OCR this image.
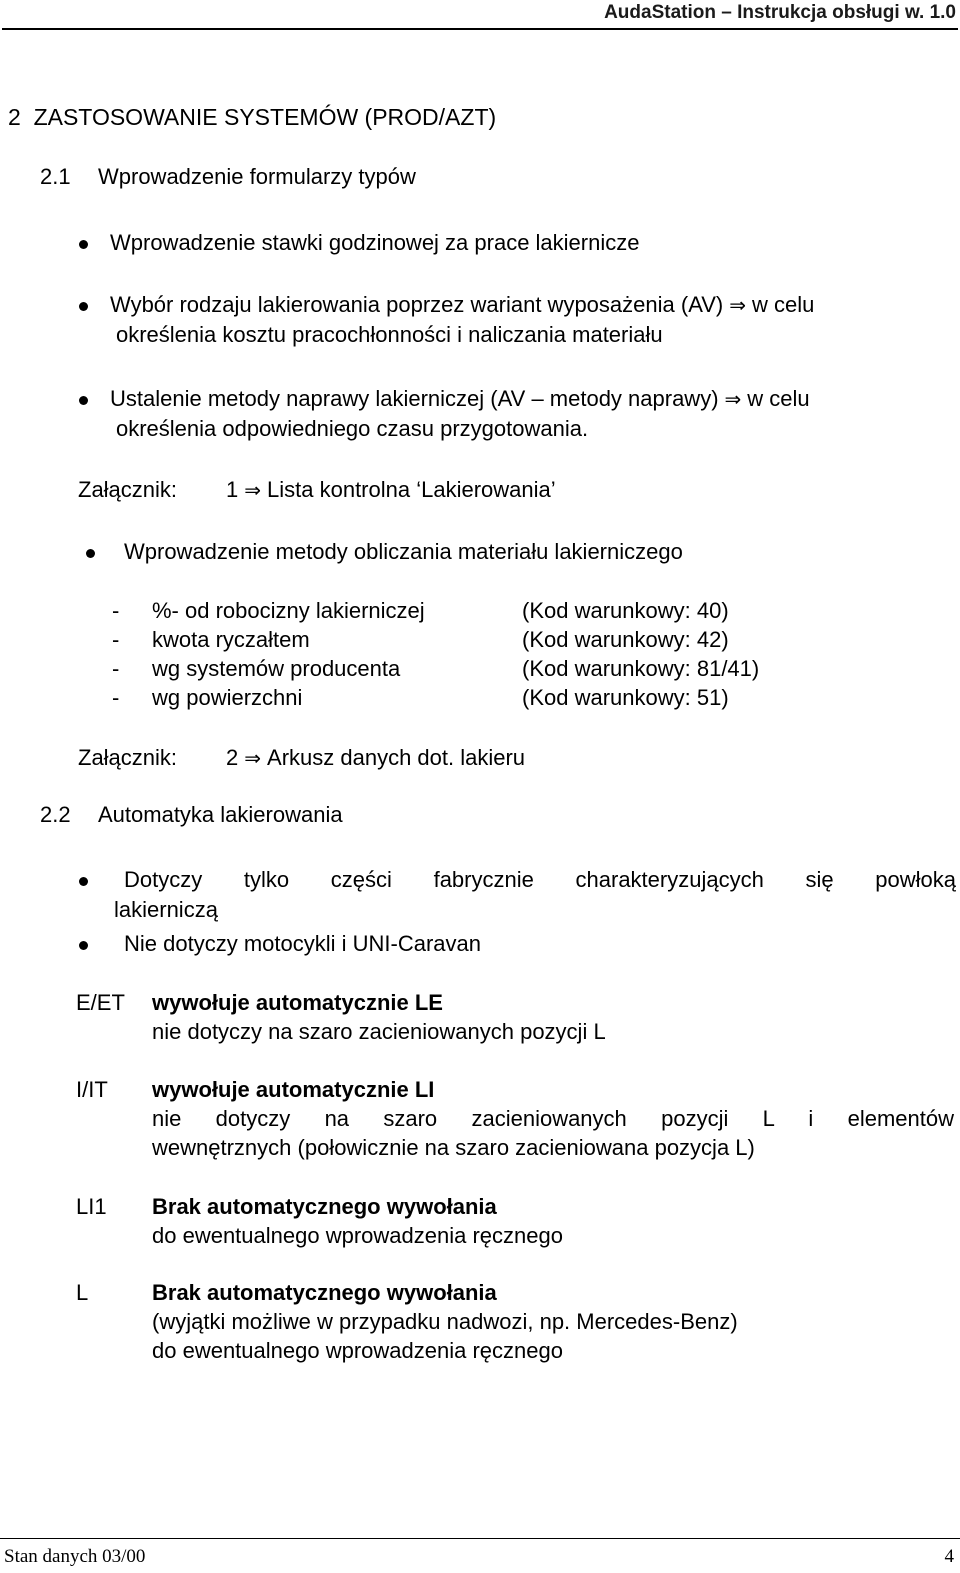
AudaStation – Instrukcja obsługi w. 1.0
2 ZASTOSOWANIE SYSTEMÓW (PROD/AZT)
2.1 Wprowadzenie formularzy typów
Wprowadzenie stawki godzinowej za prace lakiernicze
Wybór rodzaju lakierowania poprzez wariant wyposażenia (AV) ⇒ w celu
określenia kosztu pracochłonności i naliczania materiału
Ustalenie metody naprawy lakierniczej (AV – metody naprawy) ⇒ w celu
określenia odpowiedniego czasu przygotowania.
Załącznik: 1 ⇒ Lista kontrolna ‘Lakierowania’
Wprowadzenie metody obliczania materiału lakierniczego
- %- od robocizny lakierniczej	(Kod warunkowy: 40)
- kwota ryczałtem	(Kod warunkowy: 42)
- wg systemów producenta	(Kod warunkowy: 81/41)
- wg powierzchni	(Kod warunkowy: 51)
Załącznik: 2 ⇒ Arkusz danych dot. lakieru
2.2 Automatyka lakierowania
Dotyczy tylko części fabrycznie charakteryzujących się powłoką
lakierniczą
Nie dotyczy motocykli i UNI-Caravan
E/ET wywołuje automatycznie LE
nie dotyczy na szaro zacieniowanych pozycji L
I/IT wywołuje automatycznie LI
nie dotyczy na szaro zacieniowanych pozycji L i elementów
wewnętrznych (połowicznie na szaro zacieniowana pozycja L)
LI1 Brak automatycznego wywołania
do ewentualnego wprowadzenia ręcznego
L	Brak automatycznego wywołania
(wyjątki możliwe w przypadku nadwozi, np. Mercedes-Benz)
do ewentualnego wprowadzenia ręcznego
Stan danych 03/00	4
